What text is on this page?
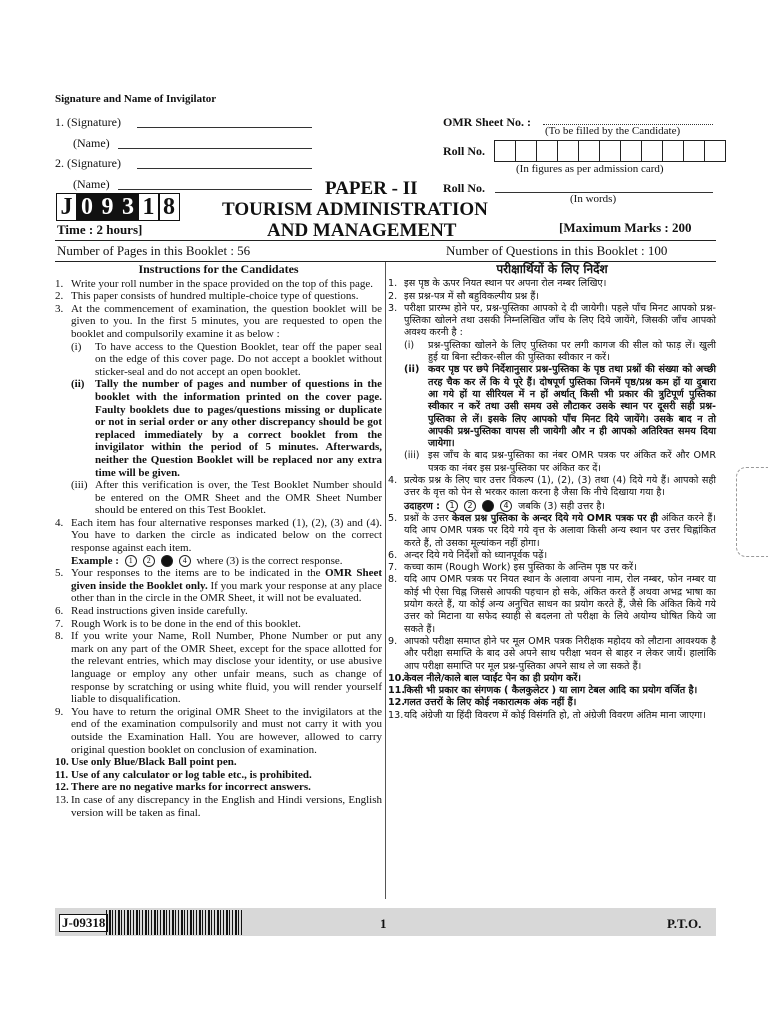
Signature and Name of Invigilator
1. (Signature)
(Name)
2. (Signature)
(Name)
OMR Sheet No. :
(To be filled by the Candidate)
Roll No.
(In figures as per admission card)
Roll No.
(In words)
J 0 9 3 1 8
PAPER - II
TOURISM ADMINISTRATION
AND MANAGEMENT
Time : 2 hours]	[Maximum Marks : 200
Number of Pages in this Booklet : 56	Number of Questions in this Booklet : 100
Instructions for the Candidates
1. Write your roll number in the space provided on the top of this page.
2. This paper consists of hundred multiple-choice type of questions.
3. At the commencement of examination, the question booklet will be given to you. In the first 5 minutes, you are requested to open the booklet and compulsorily examine it as below :
(i)	To have access to the Question Booklet, tear off the paper seal on the edge of this cover page. Do not accept a booklet without sticker-seal and do not accept an open booklet.
(ii) Tally the number of pages and number of questions in the booklet with the information printed on the cover page. Faulty booklets due to pages/questions missing or duplicate or not in serial order or any other discrepancy should be got replaced immediately by a correct booklet from the invigilator within the period of 5 minutes. Afterwards, neither the Question Booklet will be replaced nor any extra time will be given.
(iii) After this verification is over, the Test Booklet Number should be entered on the OMR Sheet and the OMR Sheet Number should be entered on this Test Booklet.
4. Each item has four alternative responses marked (1), (2), (3) and (4). You have to darken the circle as indicated below on the correct response against each item.
Example : 1 2	4 where (3) is the correct response.
5. Your responses to the items are to be indicated in the OMR Sheet given inside the Booklet only. If you mark your response at any place other than in the circle in the OMR Sheet, it will not be evaluated.
6. Read instructions given inside carefully.
7. Rough Work is to be done in the end of this booklet.
8. If you write your Name, Roll Number, Phone Number or put any mark on any part of the OMR Sheet, except for the space allotted for the relevant entries, which may disclose your identity, or use abusive language or employ any other unfair means, such as change of response by scratching or using white fluid, you will render yourself liable to disqualification.
9. You have to return the original OMR Sheet to the invigilators at the end of the examination compulsorily and must not carry it with you outside the Examination Hall. You are however, allowed to carry original question booklet on conclusion of examination.
10. Use only Blue/Black Ball point pen.
11. Use of any calculator or log table etc., is prohibited.
12. There are no negative marks for incorrect answers.
13. In case of any discrepancy in the English and Hindi versions, English version will be taken as final.
परीक्षार्थियों के लिए निर्देश
1. इस पृष्ठ के ऊपर नियत स्थान पर अपना रोल नम्बर लिखिए।
2. इस प्रश्न-पत्र में सौ बहुविकल्पीय प्रश्न हैं।
3. परीक्षा प्रारम्भ होने पर, प्रश्न-पुस्तिका आपको दे दी जायेगी। पहले पाँच मिनट आपको प्रश्न-पुस्तिका खोलने तथा उसकी निम्नलिखित जाँच के लिए दिये जायेंगे, जिसकी जाँच आपको अवश्य करनी है :
(i)	प्रश्न-पुस्तिका खोलने के लिए पुस्तिका पर लगी कागज की सील को फाड़ लें। खुली हुई या बिना स्टीकर-सील की पुस्तिका स्वीकार न करें।
(ii) कवर पृष्ठ पर छपे निर्देशानुसार प्रश्न-पुस्तिका के पृष्ठ तथा प्रश्नों की संख्या को अच्छी तरह चैक कर लें कि ये पूरे हैं। दोषपूर्ण पुस्तिका जिनमें पृष्ठ/प्रश्न कम हों या दुबारा आ गये हों या सीरियल में न हों अर्थात् किसी भी प्रकार की त्रुटिपूर्ण पुस्तिका स्वीकार न करें तथा उसी समय उसे लौटाकर उसके स्थान पर दूसरी सही प्रश्न-पुस्तिका ले लें। इसके लिए आपको पाँच मिनट दिये जायेंगे। उसके बाद न तो आपकी प्रश्न-पुस्तिका वापस ली जायेगी और न ही आपको अतिरिक्त समय दिया जायेगा।
(iii) इस जाँच के बाद प्रश्न-पुस्तिका का नंबर OMR पत्रक पर अंकित करें और OMR पत्रक का नंबर इस प्रश्न-पुस्तिका पर अंकित कर दें।
4. प्रत्येक प्रश्न के लिए चार उत्तर विकल्प (1), (2), (3) तथा (4) दिये गये हैं। आपको सही उत्तर के वृत्त को पेन से भरकर काला करना है जैसा कि नीचे दिखाया गया है।
उदाहरण : 1 2	4 जबकि (3) सही उत्तर है।
5. प्रश्नों के उत्तर केवल प्रश्न पुस्तिका के अन्दर दिये गये OMR पत्रक पर ही अंकित करने हैं। यदि आप OMR पत्रक पर दिये गये वृत्त के अलावा किसी अन्य स्थान पर उत्तर चिह्नांकित करते हैं, तो उसका मूल्यांकन नहीं होगा।
6. अन्दर दिये गये निर्देशों को ध्यानपूर्वक पढ़ें।
7. कच्चा काम (Rough Work) इस पुस्तिका के अन्तिम पृष्ठ पर करें।
8. यदि आप OMR पत्रक पर नियत स्थान के अलावा अपना नाम, रोल नम्बर, फोन नम्बर या कोई भी ऐसा चिह्न जिससे आपकी पहचान हो सके, अंकित करते हैं अथवा अभद्र भाषा का प्रयोग करते हैं, या कोई अन्य अनुचित साधन का प्रयोग करते हैं, जैसे कि अंकित किये गये उत्तर को मिटाना या सफेद स्याही से बदलना तो परीक्षा के लिये अयोग्य घोषित किये जा सकते हैं।
9. आपको परीक्षा समाप्त होने पर मूल OMR पत्रक निरीक्षक महोदय को लौटाना आवश्यक है और परीक्षा समाप्ति के बाद उसे अपने साथ परीक्षा भवन से बाहर न लेकर जायें। हालांकि आप परीक्षा समाप्ति पर मूल प्रश्न-पुस्तिका अपने साथ ले जा सकते हैं।
10. केवल नीले/काले बाल प्वाईंट पेन का ही प्रयोग करें।
11. किसी भी प्रकार का संगणक ( कैलकुलेटर ) या लाग टेबल आदि का प्रयोग वर्जित है।
12. गलत उत्तरों के लिए कोई नकारात्मक अंक नहीं हैं।
13. यदि अंग्रेजी या हिंदी विवरण में कोई विसंगति हो, तो अंग्रेजी विवरण अंतिम माना जाएगा।
J-09318	1	P.T.O.
